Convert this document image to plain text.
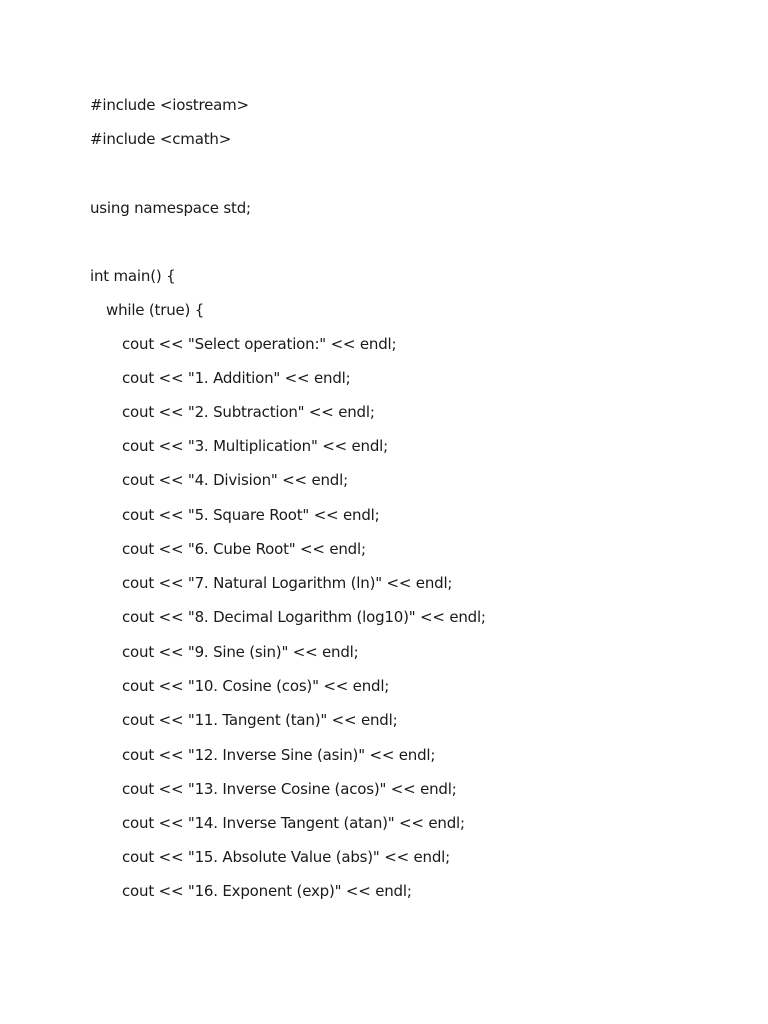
#include <iostream>
#include <cmath>
using namespace std;
int main() {
while (true) {
cout << "Select operation:" << endl;
cout << "1. Addition" << endl;
cout << "2. Subtraction" << endl;
cout << "3. Multiplication" << endl;
cout << "4. Division" << endl;
cout << "5. Square Root" << endl;
cout << "6. Cube Root" << endl;
cout << "7. Natural Logarithm (ln)" << endl;
cout << "8. Decimal Logarithm (log10)" << endl;
cout << "9. Sine (sin)" << endl;
cout << "10. Cosine (cos)" << endl;
cout << "11. Tangent (tan)" << endl;
cout << "12. Inverse Sine (asin)" << endl;
cout << "13. Inverse Cosine (acos)" << endl;
cout << "14. Inverse Tangent (atan)" << endl;
cout << "15. Absolute Value (abs)" << endl;
cout << "16. Exponent (exp)" << endl;
